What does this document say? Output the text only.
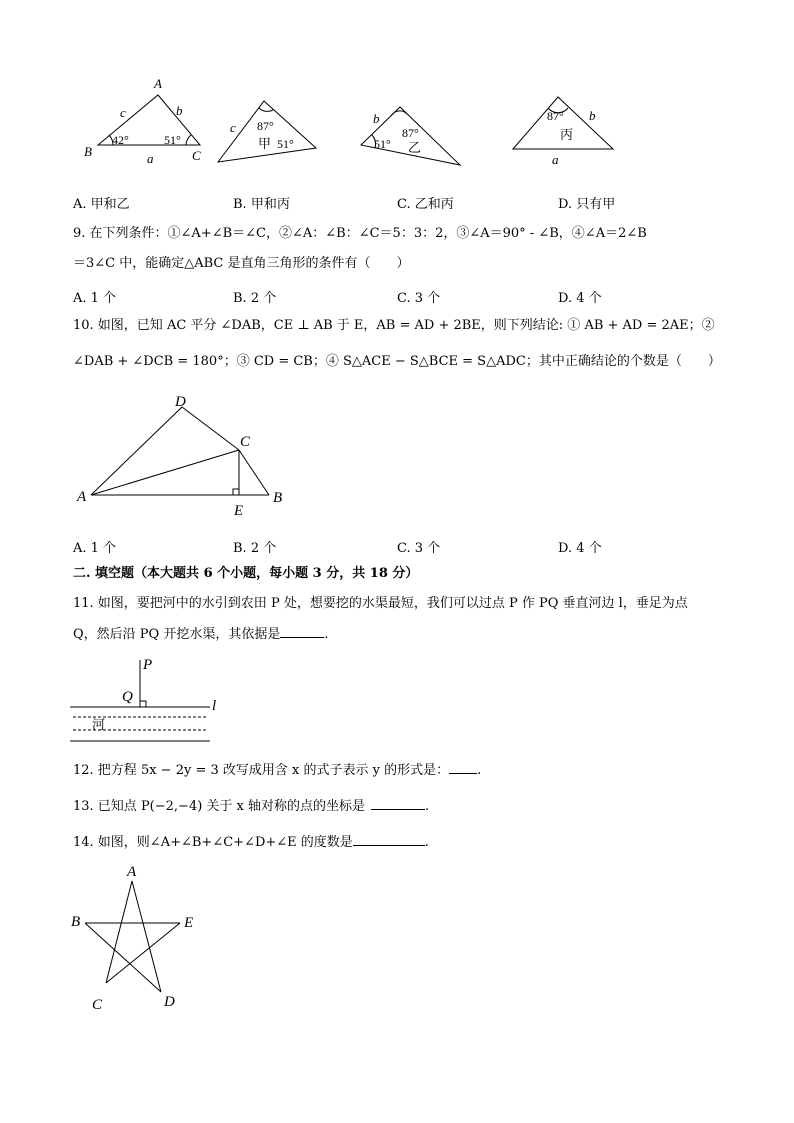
A
B	C
c	b
a
42°	51°
c 87°
甲 51°
b
87°
51° 乙
87°
丙
b
a
A. 甲和乙	B. 甲和丙	C. 乙和丙	D. 只有甲
9. 在下列条件：①∠A+∠B＝∠C，②∠A：∠B：∠C＝5：3：2，③∠A＝90° - ∠B，④∠A＝2∠B
＝3∠C 中，能确定△ABC 是直角三角形的条件有（　　）
A. 1 个	B. 2 个	C. 3 个	D. 4 个
10. 如图，已知 AC 平分 ∠DAB，CE ⊥ AB 于 E，AB = AD + 2BE，则下列结论: ① AB + AD = 2AE；②
∠DAB + ∠DCB = 180°；③ CD = CB；④ S△ACE − S△BCE = S△ADC；其中正确结论的个数是（　　）
D
C
A	B
E
A. 1 个	B. 2 个	C. 3 个	D. 4 个
二. 填空题（本大题共 6 个小题，每小题 3 分，共 18 分）
11. 如图，要把河中的水引到农田 P 处，想要挖的水渠最短，我们可以过点 P 作 PQ 垂直河边 l，垂足为点
Q，然后沿 PQ 开挖水渠，其依据是	.
P
Q
l
河
12. 把方程 5x − 2y = 3 改写成用含 x 的式子表示 y 的形式是： .
13. 已知点 P(−2,−4) 关于 x 轴对称的点的坐标是	.
14. 如图，则∠A+∠B+∠C+∠D+∠E 的度数是	.
A
B	E
C	D
